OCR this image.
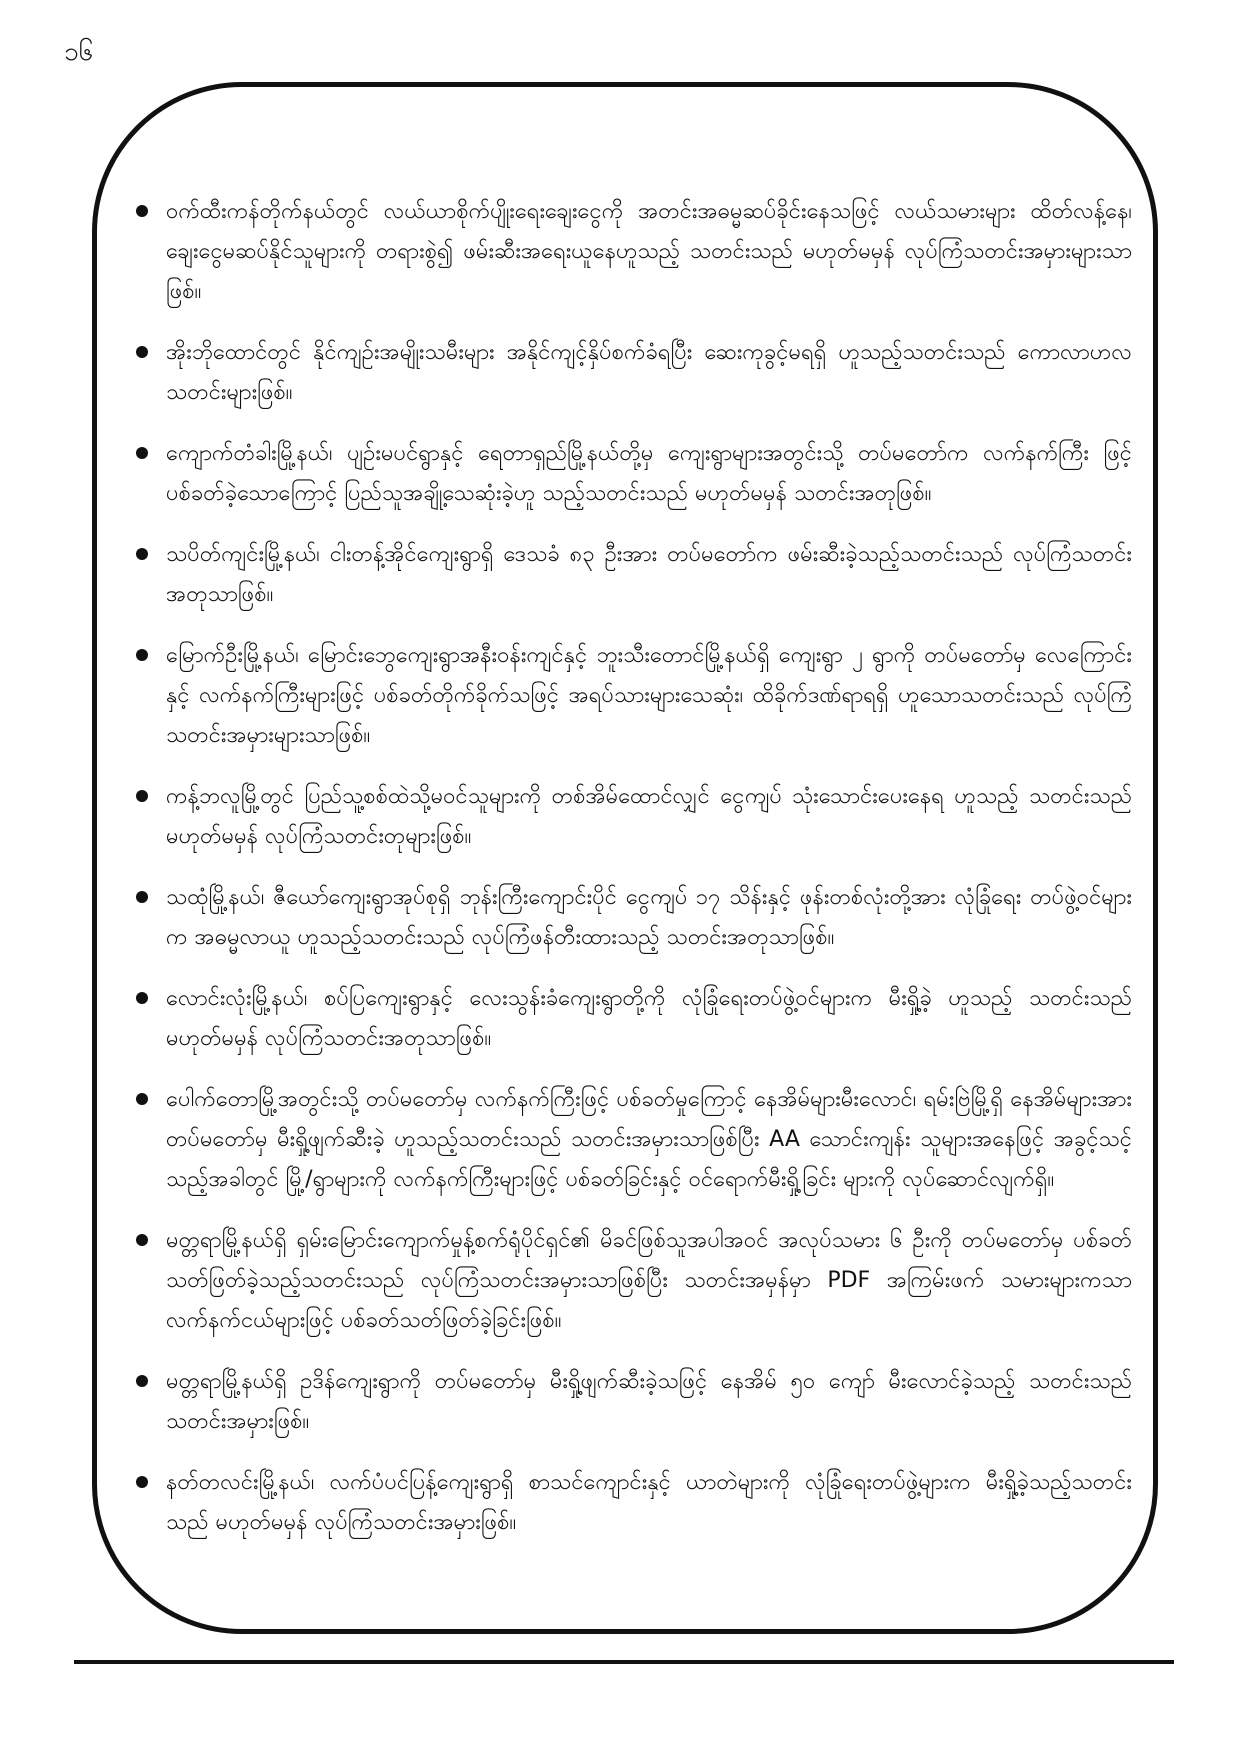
၁၆
ဝက်ထီးကန်တိုက်နယ်တွင် လယ်ယာစိုက်ပျိုးရေးချေးငွေကို အတင်းအဓမ္မဆပ်ခိုင်းနေသဖြင့် လယ်သမားများ ထိတ်လန့်နေ၊ ချေးငွေမဆပ်နိုင်သူများကို တရားစွဲ၍ ဖမ်းဆီးအရေးယူနေဟူသည့် သတင်းသည် မဟုတ်မမှန် လုပ်ကြံသတင်းအမှားများသာဖြစ်။
အိုးဘိုထောင်တွင် နိုင်ကျဉ်းအမျိုးသမီးများ အနိုင်ကျင့်နှိပ်စက်ခံရပြီး ဆေးကုခွင့်မရရှိ ဟူသည့်သတင်းသည် ကောလာဟလသတင်းများဖြစ်။
ကျောက်တံခါးမြို့နယ်၊ ပျဉ်းမပင်ရွာနှင့် ရေတာရှည်မြို့နယ်တို့မှ ကျေးရွာများအတွင်းသို့ တပ်မတော်က လက်နက်ကြီး ဖြင့် ပစ်ခတ်ခဲ့သောကြောင့် ပြည်သူအချို့သေဆုံးခဲ့ဟူ သည့်သတင်းသည် မဟုတ်မမှန် သတင်းအတုဖြစ်။
သပိတ်ကျင်းမြို့နယ်၊ ငါးတန့်အိုင်ကျေးရွာရှိ ဒေသခံ ၈၃ ဦးအား တပ်မတော်က ဖမ်းဆီးခဲ့သည့်သတင်းသည် လုပ်ကြံသတင်းအတုသာဖြစ်။
မြောက်ဦးမြို့နယ်၊ မြောင်းဘွေကျေးရွာအနီးဝန်းကျင်နှင့် ဘူးသီးတောင်မြို့နယ်ရှိ ကျေးရွာ ၂ ရွာကို တပ်မတော်မှ လေကြောင်းနှင့် လက်နက်ကြီးများဖြင့် ပစ်ခတ်တိုက်ခိုက်သဖြင့် အရပ်သားများသေဆုံး၊ ထိခိုက်ဒဏ်ရာရရှိ ဟူသောသတင်းသည် လုပ်ကြံသတင်းအမှားများသာဖြစ်။
ကန့်ဘလူမြို့တွင် ပြည်သူ့စစ်ထဲသို့မဝင်သူများကို တစ်အိမ်ထောင်လျှင် ငွေကျပ် သုံးသောင်းပေးနေရ ဟူသည့် သတင်းသည် မဟုတ်မမှန် လုပ်ကြံသတင်းတုများဖြစ်။
သထုံမြို့နယ်၊ ဇီယော်ကျေးရွာအုပ်စုရှိ ဘုန်းကြီးကျောင်းပိုင် ငွေကျပ် ၁၇ သိန်းနှင့် ဖုန်းတစ်လုံးတို့အား လုံခြုံရေး တပ်ဖွဲ့ဝင်များက အဓမ္မလာယူ ဟူသည့်သတင်းသည် လုပ်ကြံဖန်တီးထားသည့် သတင်းအတုသာဖြစ်။
လောင်းလုံးမြို့နယ်၊ စပ်ပြကျေးရွာနှင့် လေးသွန်းခံကျေးရွာတို့ကို လုံခြုံရေးတပ်ဖွဲ့ဝင်များက မီးရှို့ခဲ့ ဟူသည့် သတင်းသည် မဟုတ်မမှန် လုပ်ကြံသတင်းအတုသာဖြစ်။
ပေါက်တောမြို့အတွင်းသို့ တပ်မတော်မှ လက်နက်ကြီးဖြင့် ပစ်ခတ်မှုကြောင့် နေအိမ်များမီးလောင်၊ ရမ်းဗြဲမြို့ရှိ နေအိမ်များအား တပ်မတော်မှ မီးရှို့ဖျက်ဆီးခဲ့ ဟူသည့်သတင်းသည် သတင်းအမှားသာဖြစ်ပြီး AA သောင်းကျန်း သူများအနေဖြင့် အခွင့်သင့်သည့်အခါတွင် မြို့/ရွာများကို လက်နက်ကြီးများဖြင့် ပစ်ခတ်ခြင်းနှင့် ဝင်ရောက်မီးရှို့ခြင်း များကို လုပ်ဆောင်လျက်ရှိ။
မတ္တရာမြို့နယ်ရှိ ရှမ်းမြောင်းကျောက်မှုန့်စက်ရုံပိုင်ရှင်၏ မိခင်ဖြစ်သူအပါအဝင် အလုပ်သမား ၆ ဦးကို တပ်မတော်မှ ပစ်ခတ်သတ်ဖြတ်ခဲ့သည့်သတင်းသည် လုပ်ကြံသတင်းအမှားသာဖြစ်ပြီး သတင်းအမှန်မှာ PDF အကြမ်းဖက် သမားများကသာ လက်နက်ငယ်များဖြင့် ပစ်ခတ်သတ်ဖြတ်ခဲ့ခြင်းဖြစ်။
မတ္တရာမြို့နယ်ရှိ ဥဒိန်ကျေးရွာကို တပ်မတော်မှ မီးရှို့ဖျက်ဆီးခဲ့သဖြင့် နေအိမ် ၅၀ ကျော် မီးလောင်ခဲ့သည့် သတင်းသည် သတင်းအမှားဖြစ်။
နတ်တလင်းမြို့နယ်၊ လက်ပံပင်ပြန့်ကျေးရွာရှိ စာသင်ကျောင်းနှင့် ယာတဲများကို လုံခြုံရေးတပ်ဖွဲ့များက မီးရှို့ခဲ့သည့်သတင်းသည် မဟုတ်မမှန် လုပ်ကြံသတင်းအမှားဖြစ်။
